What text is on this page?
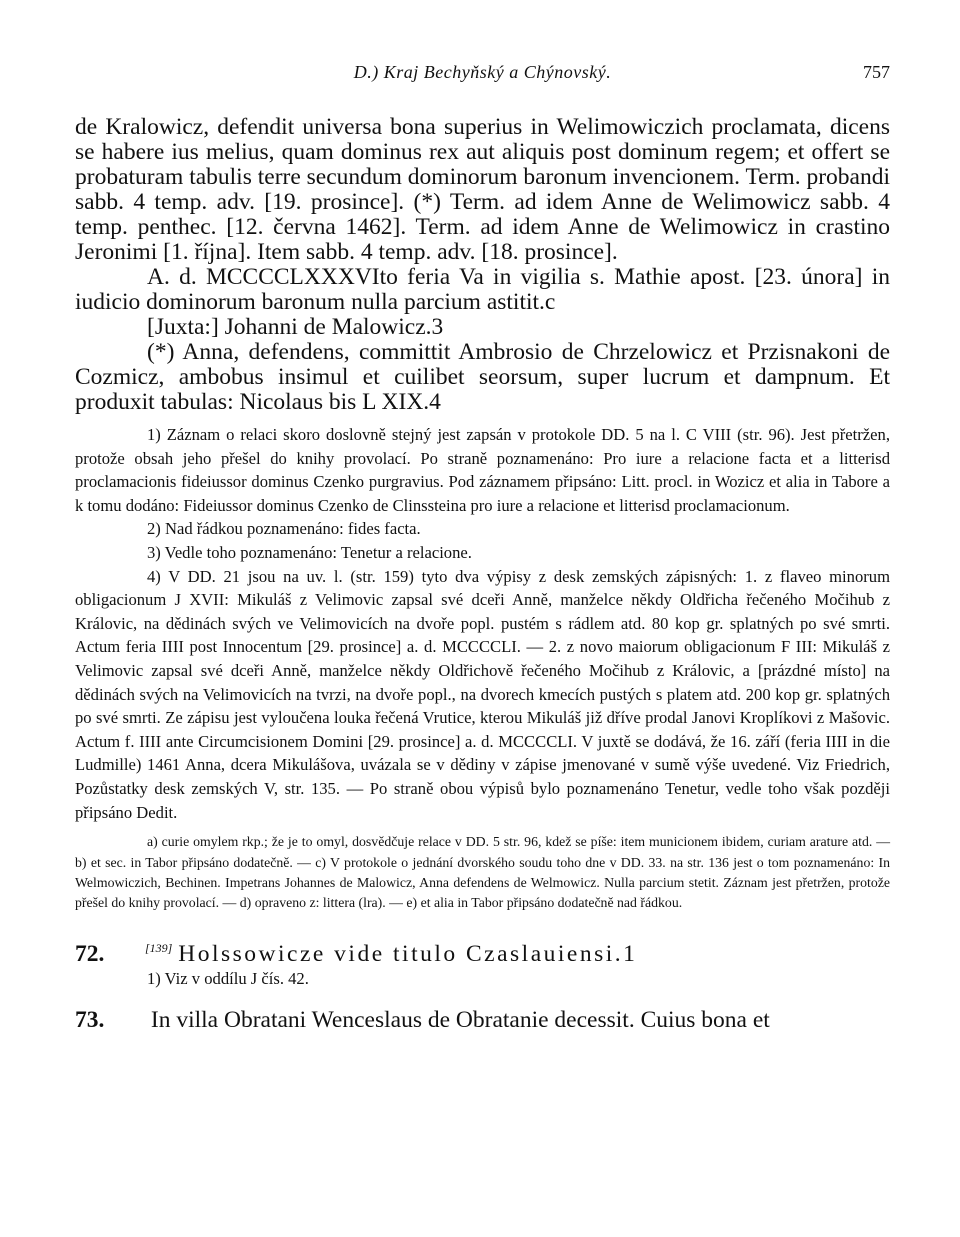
D.) Kraj Bechyňský a Chýnovský.	757

de Kralowicz, defendit universa bona superius in Welimowiczich proclamata, dicens se habere ius melius, quam dominus rex aut aliquis post dominum regem; et offert se probaturam tabulis terre secundum dominorum baronum invencionem. Term. probandi sabb. 4 temp. adv. [19. prosince]. (*) Term. ad idem Anne de Welimowicz sabb. 4 temp. penthec. [12. června 1462]. Term. ad idem Anne de Welimowicz in crastino Jeronimi [1. října]. Item sabb. 4 temp. adv. [18. prosince].

A. d. MCCCCLXXXVIto feria Va in vigilia s. Mathie apost. [23. února] in iudicio dominorum baronum nulla parcium astitit.c

[Juxta:] Johanni de Malowicz.3

(*) Anna, defendens, committit Ambrosio de Chrzelowicz et Przisnakoni de Cozmicz, ambobus insimul et cuilibet seorsum, super lucrum et dampnum. Et produxit tabulas: Nicolaus bis L XIX.4

1) Záznam o relaci skoro doslovně stejný jest zapsán v protokole DD. 5 na l. C VIII (str. 96). Jest přetržen, protože obsah jeho přešel do knihy provolací. Po straně poznamenáno: Pro iure a relacione facta et a litterisd proclamacionis fideiussor dominus Czenko purgravius. Pod záznamem připsáno: Litt. procl. in Wozicz et alia in Tabore a k tomu dodáno: Fideiussor dominus Czenko de Clinssteina pro iure a relacione et litterisd proclamacionum.

2) Nad řádkou poznamenáno: fides facta.

3) Vedle toho poznamenáno: Tenetur a relacione.

4) V DD. 21 jsou na uv. l. (str. 159) tyto dva výpisy z desk zemských zápisných: 1. z flaveo minorum obligacionum J XVII: Mikuláš z Velimovic zapsal své dceři Anně, manželce někdy Oldřicha řečeného Močihub z Královic, na dědinách svých ve Velimovicích na dvoře popl. pustém s rádlem atd. 80 kop gr. splatných po své smrti. Actum feria IIII post Innocentum [29. prosince] a. d. MCCCCLI. — 2. z novo maiorum obligacionum F III: Mikuláš z Velimovic zapsal své dceři Anně, manželce někdy Oldřichově řečeného Močihub z Královic, a [prázdné místo] na dědinách svých na Velimovicích na tvrzi, na dvoře popl., na dvorech kmecích pustých s platem atd. 200 kop gr. splatných po své smrti. Ze zápisu jest vyloučena louka řečená Vrutice, kterou Mikuláš již dříve prodal Janovi Kroplíkovi z Mašovic. Actum f. IIII ante Circumcisionem Domini [29. prosince] a. d. MCCCCLI. V juxtě se dodává, že 16. září (feria IIII in die Ludmille) 1461 Anna, dcera Mikulášova, uvázala se v dědiny v zápise jmenované v sumě výše uvedené. Viz Friedrich, Pozůstatky desk zemských V, str. 135. — Po straně obou výpisů bylo poznamenáno Tenetur, vedle toho však později připsáno Dedit.

a) curie omylem rkp.; že je to omyl, dosvědčuje relace v DD. 5 str. 96, kdež se píše: item municionem ibidem, curiam arature atd. — b) et sec. in Tabor připsáno dodatečně. — c) V protokole o jednání dvorského soudu toho dne v DD. 33. na str. 136 jest o tom poznamenáno: In Welmowiczich, Bechinen. Impetrans Johannes de Malowicz, Anna defendens de Welmowicz. Nulla parcium stetit. Záznam jest přetržen, protože přešel do knihy provolací. — d) opraveno z: littera (lra). — e) et alia in Tabor připsáno dodatečně nad řádkou.

72.	[139] Holssowicze vide titulo Czaslauiensi.1

1) Viz v oddílu J čís. 42.

73. In villa Obratani Wenceslaus de Obratanie decessit. Cuius bona et
